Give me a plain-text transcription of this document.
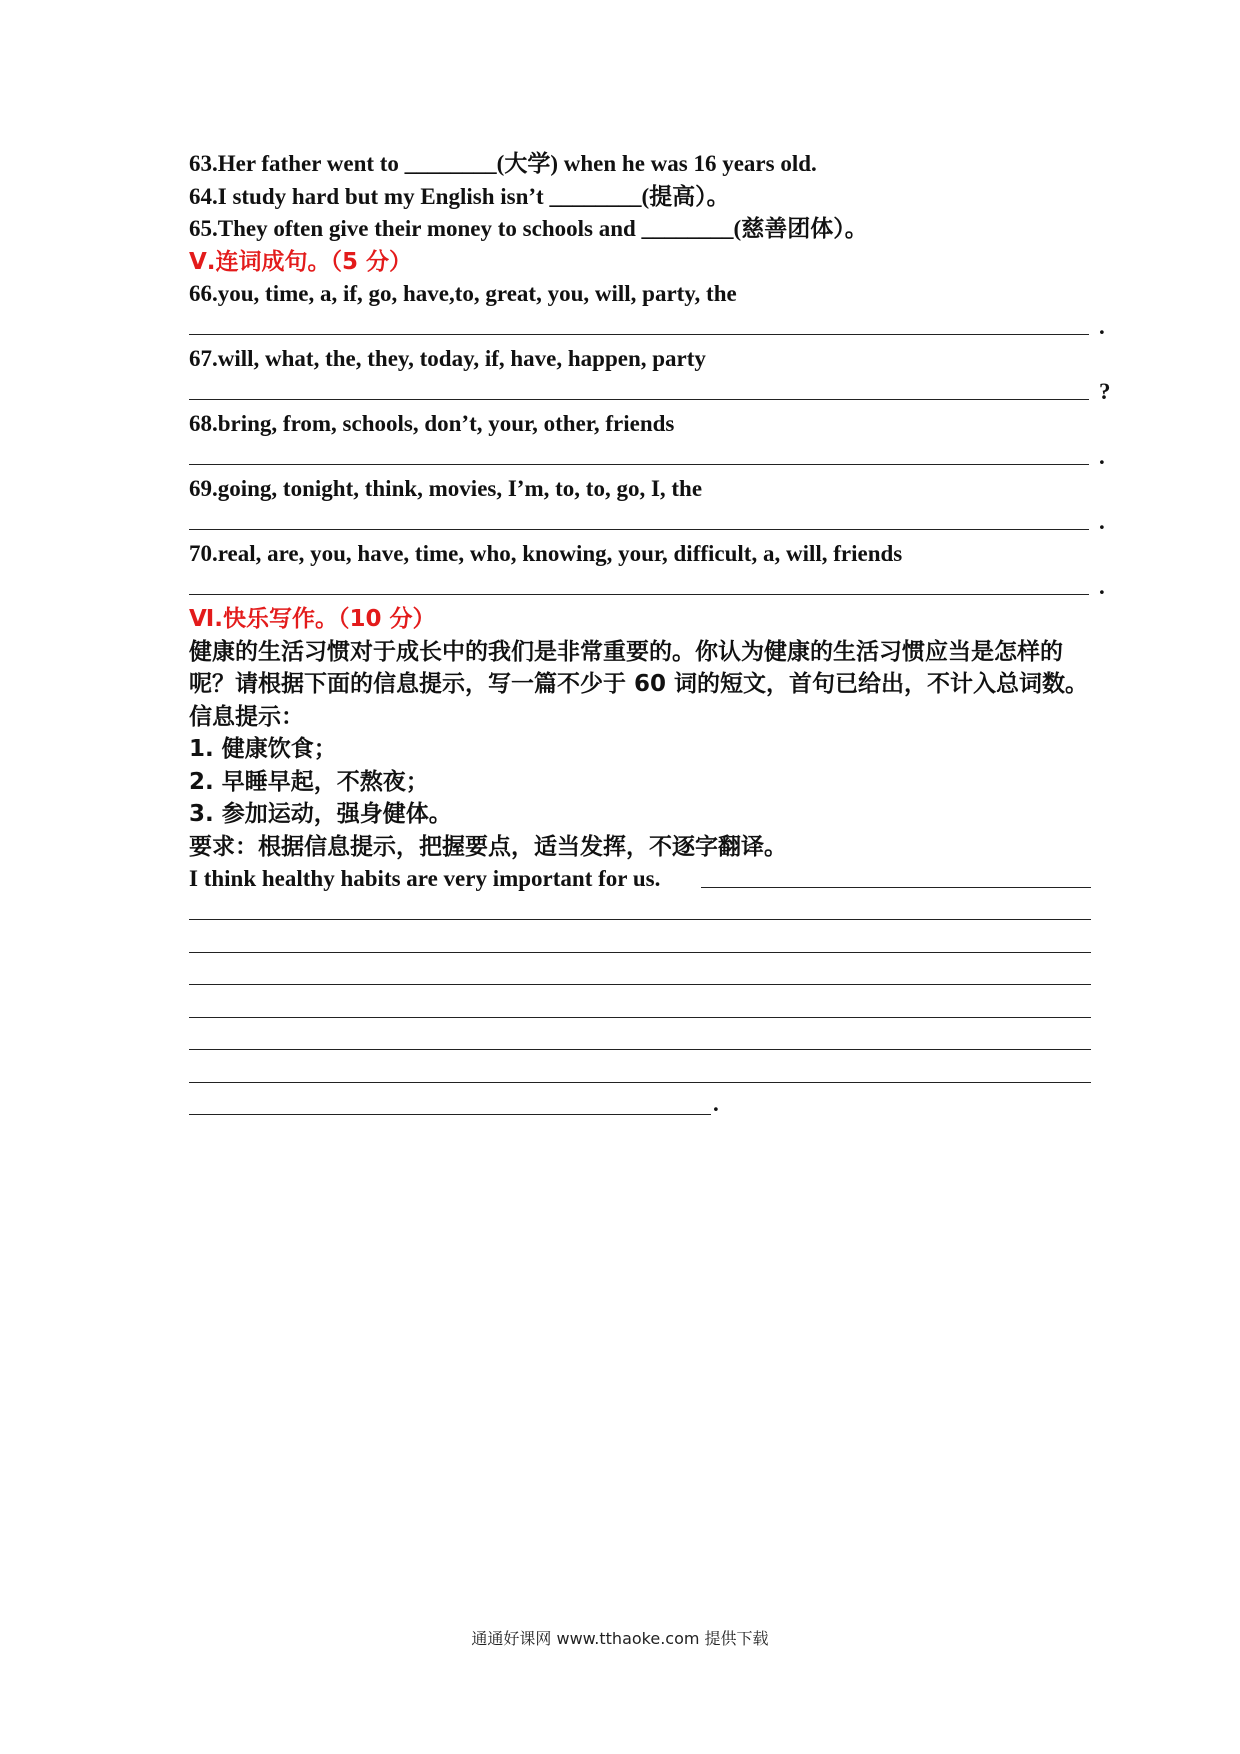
63.Her father went to ________(大学) when he was 16 years old.
64.I study hard but my English isn’t ________(提高）。
65.They often give their money to schools and ________(慈善团体）。
Ⅴ.连词成句。（5 分）
66.you, time, a, if, go, have,to, great, you, will, party, the
.
67.will, what, the, they, today, if, have, happen, party
?
68.bring, from, schools, don’t, your, other, friends
.
69.going, tonight, think, movies, I’m, to, to, go, I, the
.
70.real, are, you, have, time, who, knowing, your, difficult, a, will, friends
.
Ⅵ.快乐写作。（10 分）
健康的生活习惯对于成长中的我们是非常重要的。你认为健康的生活习惯应当是怎样的呢？请根据下面的信息提示，写一篇不少于 60 词的短文，首句已给出，不计入总词数。
信息提示：
1. 健康饮食；
2. 早睡早起，不熬夜；
3. 参加运动，强身健体。
要求：根据信息提示，把握要点，适当发挥，不逐字翻译。
I think healthy habits are very important for us.
.
通通好课网 www.tthaoke.com 提供下载
